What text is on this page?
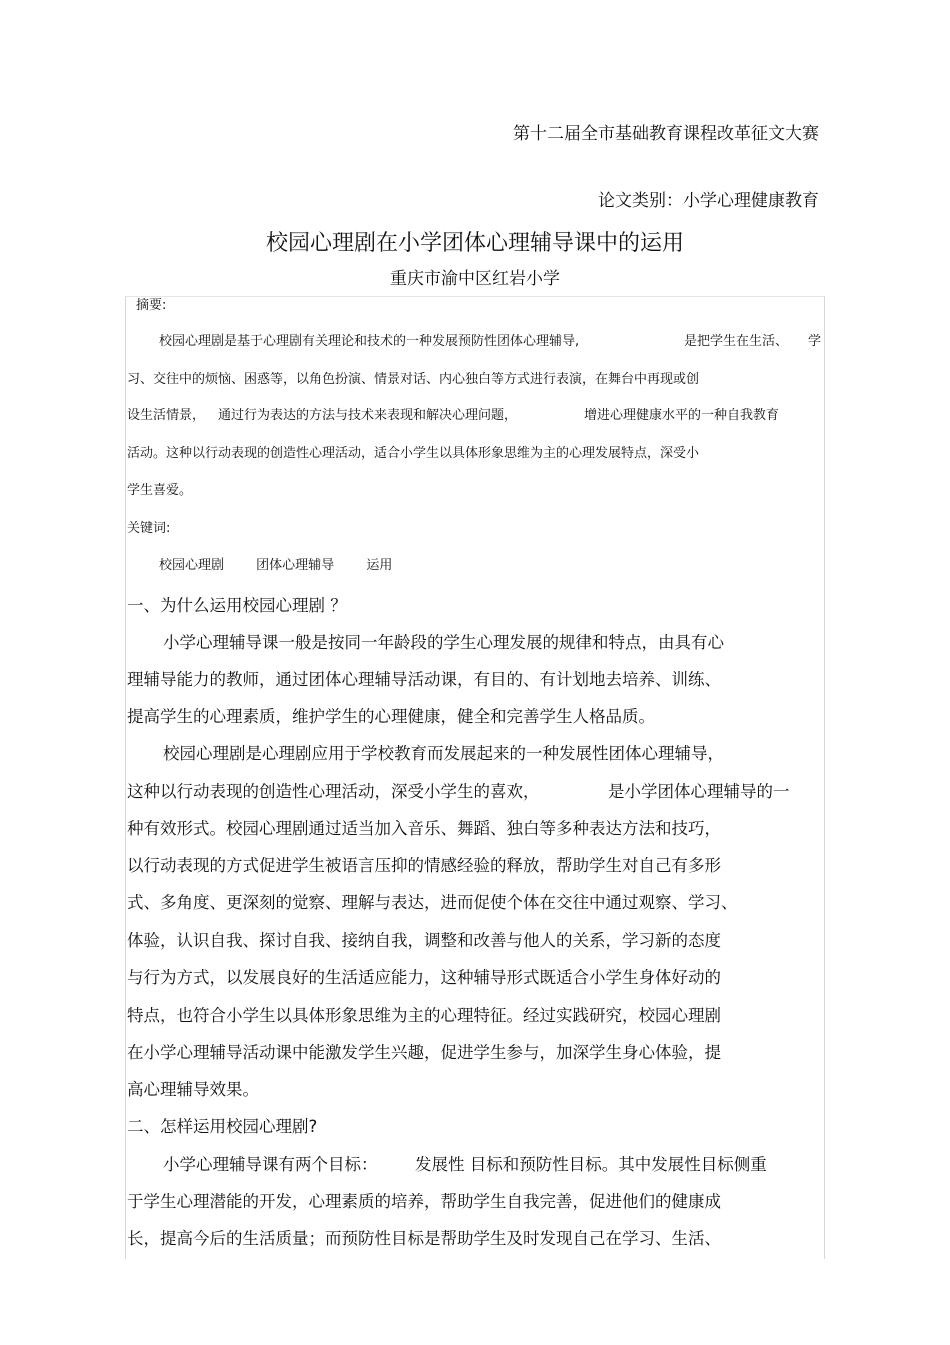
第十二届全市基础教育课程改革征文大赛
论文类别：小学心理健康教育
校园心理剧在小学团体心理辅导课中的运用
重庆市渝中区红岩小学
摘要:
校园心理剧是基于心理剧有关理论和技术的一种发展预防性团体心理辅导,	是把学生在生活、 学
习、交往中的烦恼、困惑等，以角色扮演、情景对话、内心独白等方式进行表演，在舞台中再现或创
设生活情景， 通过行为表达的方法与技术来表现和解决心理问题，	增进心理健康水平的一种自我教育
活动。这种以行动表现的创造性心理活动，适合小学生以具体形象思维为主的心理发展特点，深受小
学生喜爱。
关键词:
校园心理剧 团体心理辅导 运用
一、为什么运用校园心理剧 ？
小学心理辅导课一般是按同一年龄段的学生心理发展的规律和特点，由具有心
理辅导能力的教师，通过团体心理辅导活动课，有目的、有计划地去培养、训练、
提高学生的心理素质，维护学生的心理健康，健全和完善学生人格品质。
校园心理剧是心理剧应用于学校教育而发展起来的一种发展性团体心理辅导，
这种以行动表现的创造性心理活动，深受小学生的喜欢，	是小学团体心理辅导的一
种有效形式。校园心理剧通过适当加入音乐、舞蹈、独白等多种表达方法和技巧，
以行动表现的方式促进学生被语言压抑的情感经验的释放，帮助学生对自己有多形
式、多角度、更深刻的觉察、理解与表达，进而促使个体在交往中通过观察、学习、
体验，认识自我、探讨自我、接纳自我，调整和改善与他人的关系，学习新的态度
与行为方式，以发展良好的生活适应能力，这种辅导形式既适合小学生身体好动的
特点，也符合小学生以具体形象思维为主的心理特征。经过实践研究，校园心理剧
在小学心理辅导活动课中能激发学生兴趣，促进学生参与，加深学生身心体验，提
高心理辅导效果。
二、怎样运用校园心理剧?
小学心理辅导课有两个目标： 发展性 目标和预防性目标。其中发展性目标侧重
于学生心理潜能的开发，心理素质的培养，帮助学生自我完善，促进他们的健康成
长，提高今后的生活质量；而预防性目标是帮助学生及时发现自己在学习、生活、
